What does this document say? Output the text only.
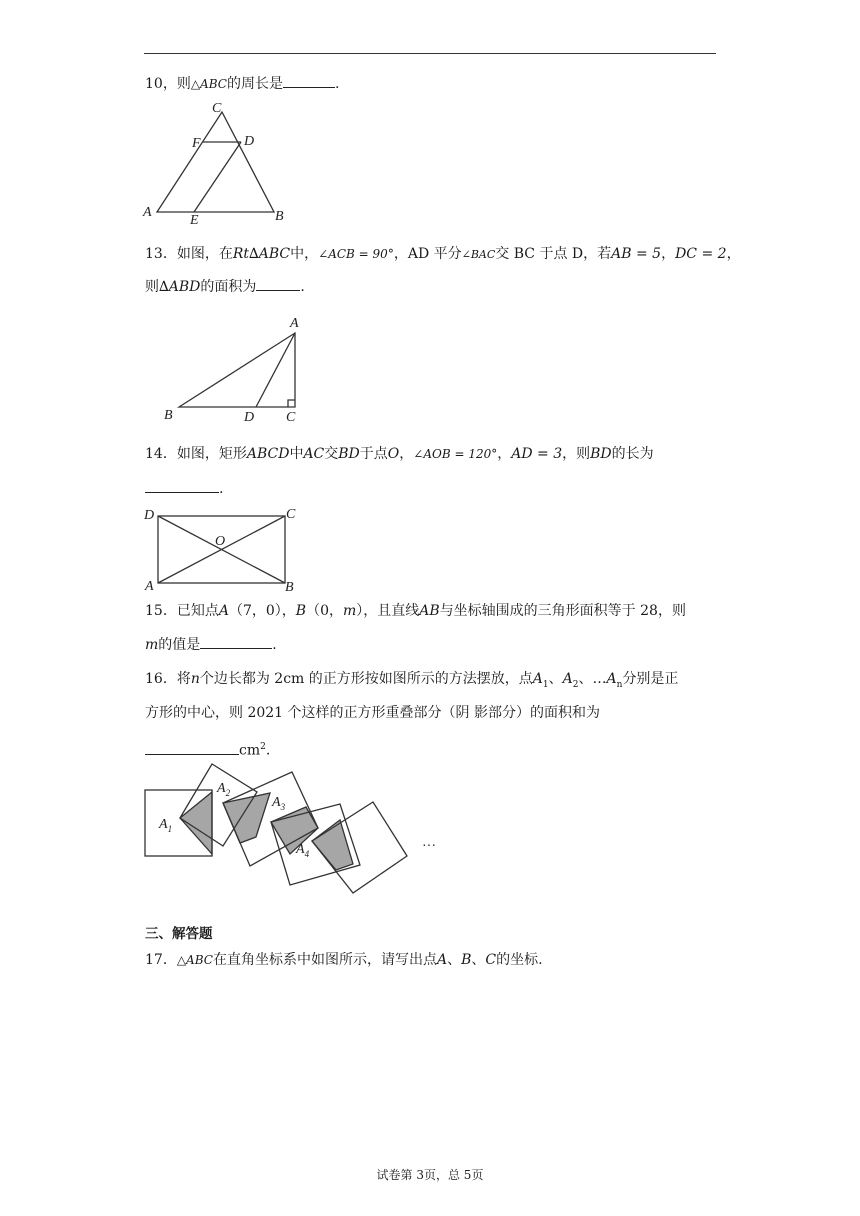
10，则△ABC的周长是	.
C
F	D
A
E	B
13．如图，在Rt∆ABC中，∠ACB = 90°，AD 平分∠BAC交 BC 于点 D，若AB = 5，DC = 2，
则∆ABD的面积为	.
A
B	D C
14．如图，矩形ABCD中AC交BD于点O，∠AOB = 120°，AD = 3，则BD的长为
.
D	C
O
A	B
15．已知点A（7，0），B（0，m），且直线AB与坐标轴围成的三角形面积等于 28，则
m的值是	.
16．将n个边长都为 2cm 的正方形按如图所示的方法摆放，点$A_1$、$A_2$、$\dots A_n$分别是正
方形的中心，则 2021 个这样的正方形重叠部分（阴 影部分）的面积和为
$cm^2$.
$A_1$
$A_2$
$A_3$
$A_4$	···
三、解答题
17．△ABC在直角坐标系中如图所示，请写出点A、B、C的坐标.
试卷第 3页，总 5页
